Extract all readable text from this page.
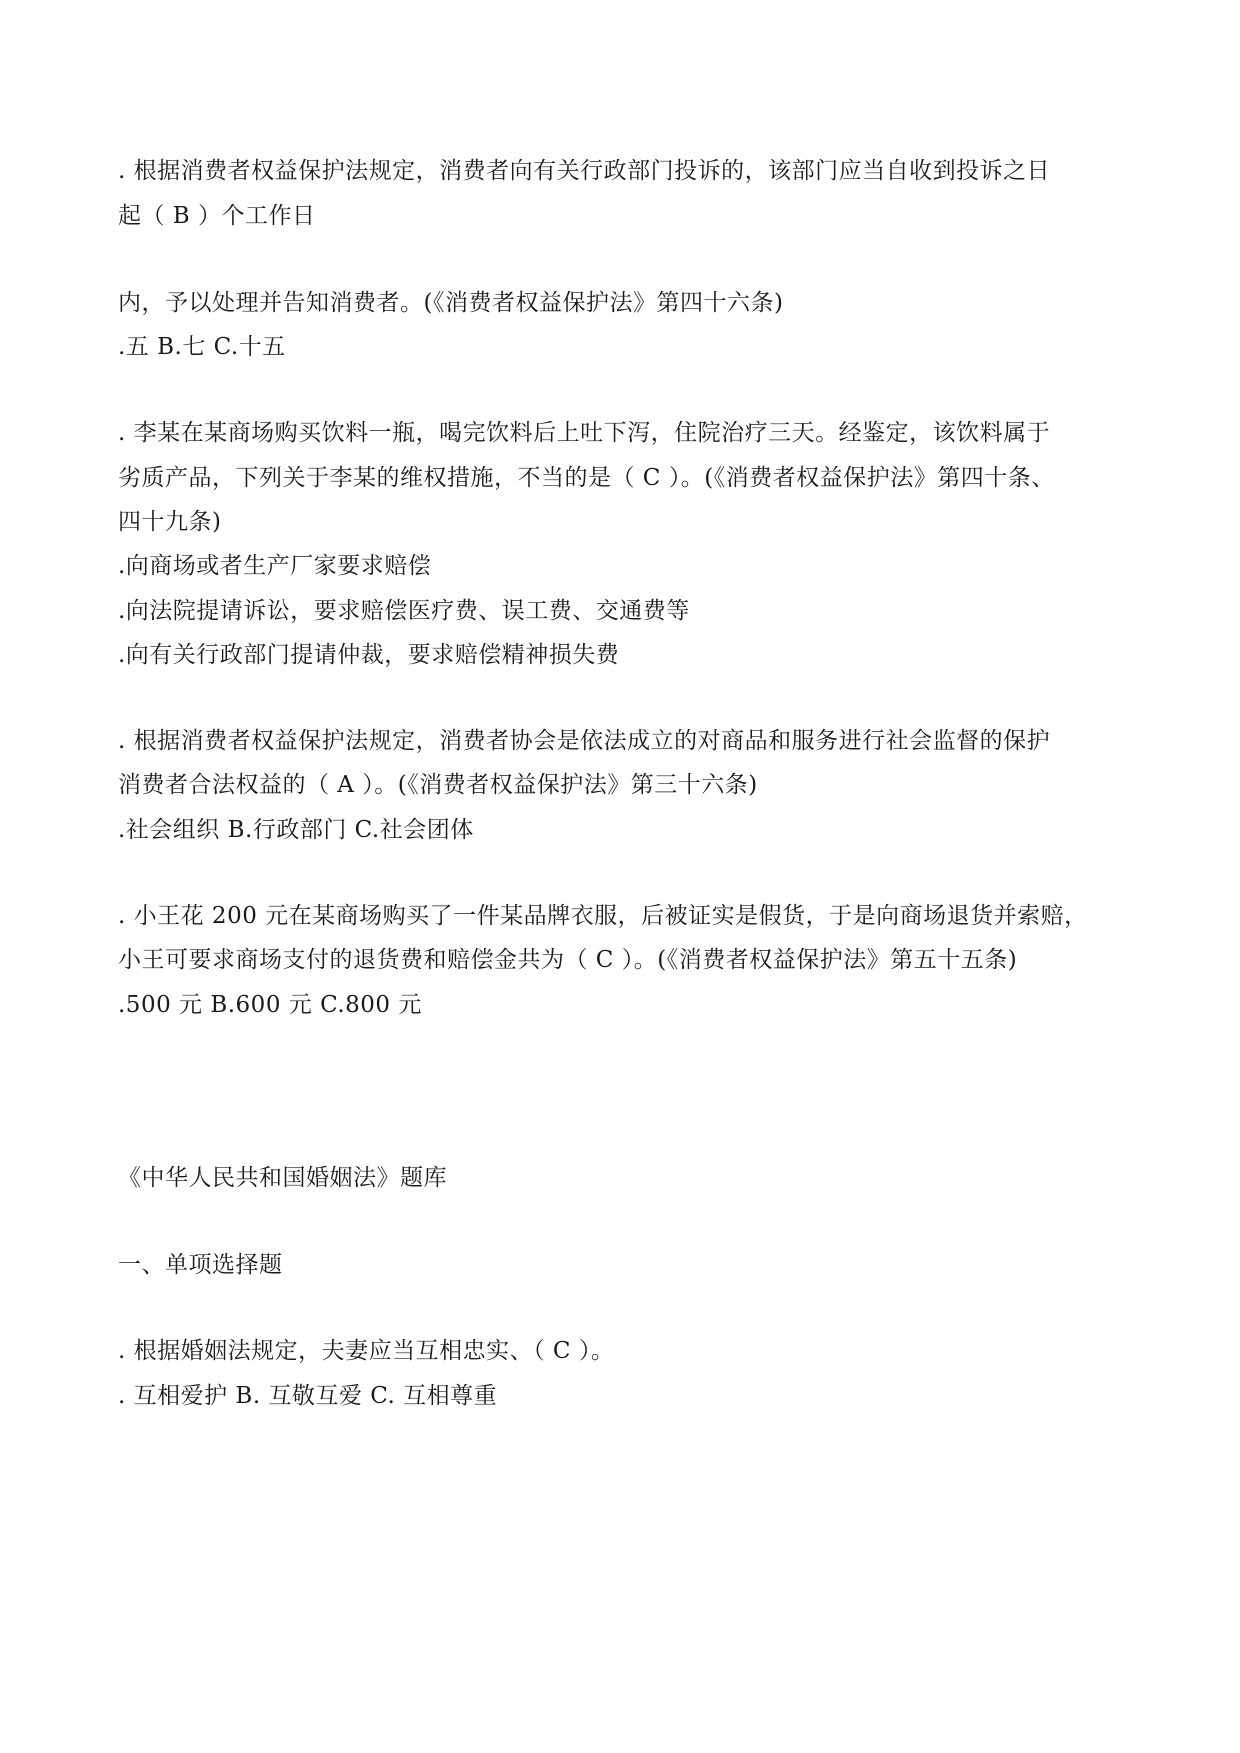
. 根据消费者权益保护法规定，消费者向有关行政部门投诉的，该部门应当自收到投诉之日

起（ B ）个工作日

内，予以处理并告知消费者。(《消费者权益保护法》第四十六条)

.五 B.七 C.十五

. 李某在某商场购买饮料一瓶，喝完饮料后上吐下泻，住院治疗三天。经鉴定，该饮料属于

劣质产品，下列关于李某的维权措施，不当的是（ C ）。(《消费者权益保护法》第四十条、

四十九条)

.向商场或者生产厂家要求赔偿

.向法院提请诉讼，要求赔偿医疗费、误工费、交通费等

.向有关行政部门提请仲裁，要求赔偿精神损失费

. 根据消费者权益保护法规定，消费者协会是依法成立的对商品和服务进行社会监督的保护

消费者合法权益的（ A ）。(《消费者权益保护法》第三十六条)

.社会组织 B.行政部门 C.社会团体

. 小王花 200 元在某商场购买了一件某品牌衣服，后被证实是假货，于是向商场退货并索赔，

小王可要求商场支付的退货费和赔偿金共为（ C ）。(《消费者权益保护法》第五十五条)

.500 元 B.600 元 C.800 元

《中华人民共和国婚姻法》题库

一、单项选择题

. 根据婚姻法规定，夫妻应当互相忠实、（ C ）。

. 互相爱护 B. 互敬互爱 C. 互相尊重
